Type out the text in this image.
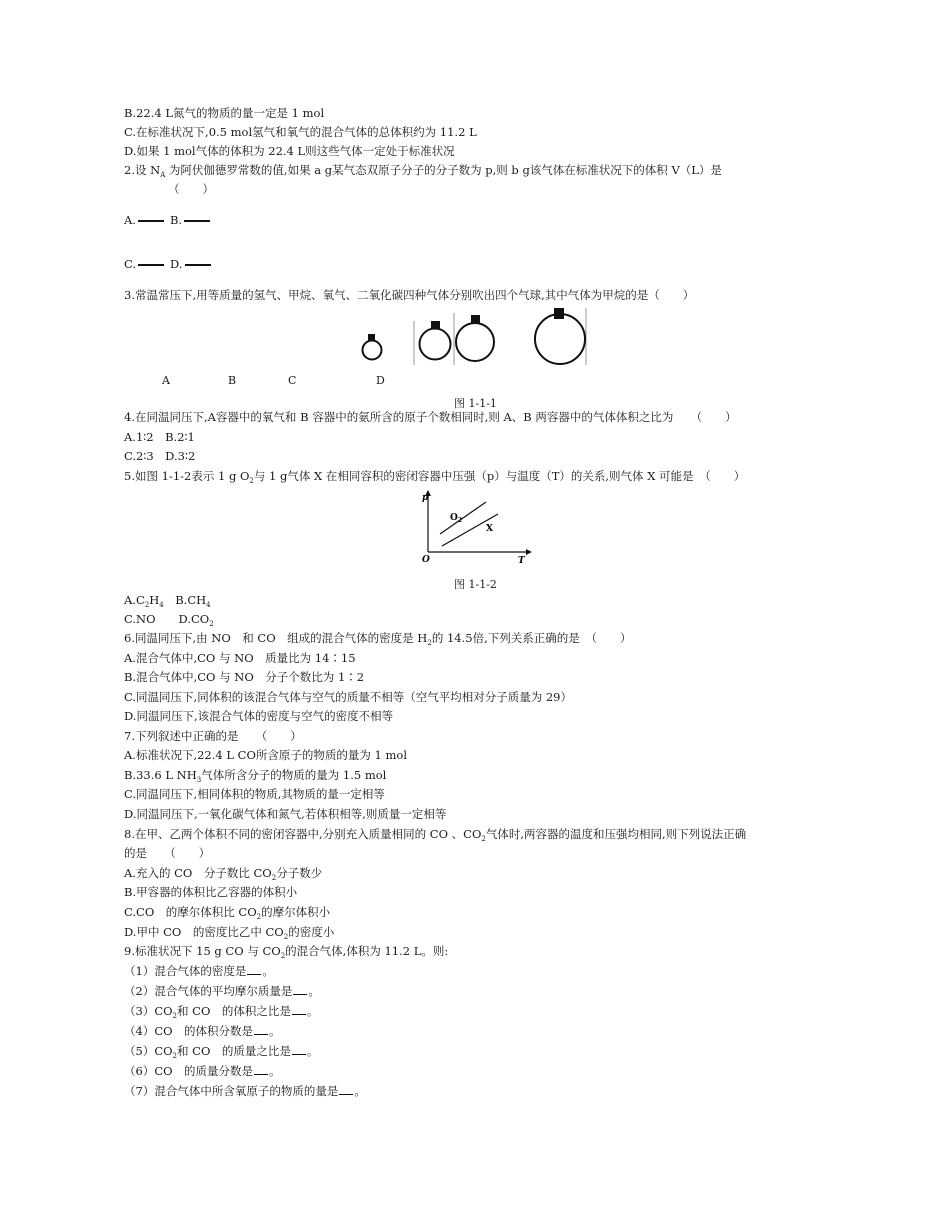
B.22.4 L氮气的物质的量一定是 1 mol
C.在标准状况下,0.5 mol氢气和氧气的混合气体的总体积约为 11.2 L
D.如果 1 mol气体的体积为 22.4 L则这些气体一定处于标准状况
2.设 $N_A$ 为阿伏伽德罗常数的值,如果 a g某气态双原子分子的分子数为 p,则 b g该气体在标准状况下的体积 V（L）是
（　　）
A.	B.
C.	D.
3.常温常压下,用等质量的氢气、甲烷、氧气、二氧化碳四种气体分别吹出四个气球,其中气体为甲烷的是（　　）
A	B	C	D
图 1-1-1
4.在同温同压下,A容器中的氧气和 B 容器中的氨所含的原子个数相同时,则 A、B 两容器中的气体体积之比为　　（　　）
A.1∶2　B.2∶1
C.2∶3　D.3∶2
5.如图 1-1-2表示 1 g $O_2$与 1 g气体 X 在相同容积的密闭容器中压强（p）与温度（T）的关系,则气体 X 可能是　（　　）
p
T
O
$O_2$
X
图 1-1-2
$A.C_2H_4$　$B.CH_4$
C.NO　　$D.CO_2$
6.同温同压下,由 NO　和 CO　组成的混合气体的密度是 $H_2$的 14.5倍,下列关系正确的是　（　　）
A.混合气体中,CO 与 NO　质量比为 14∶15
B.混合气体中,CO 与 NO　分子个数比为 1∶2
C.同温同压下,同体积的该混合气体与空气的质量不相等（空气平均相对分子质量为 29）
D.同温同压下,该混合气体的密度与空气的密度不相等
7.下列叙述中正确的是　　（　　）
A.标准状况下,22.4 L CO所含原子的物质的量为 1 mol
B.33.6 L $NH_3$气体所含分子的物质的量为 1.5 mol
C.同温同压下,相同体积的物质,其物质的量一定相等
D.同温同压下,一氧化碳气体和氮气,若体积相等,则质量一定相等
8.在甲、乙两个体积不同的密闭容器中,分别充入质量相同的 CO 、$CO_2$气体时,两容器的温度和压强均相同,则下列说法正确
的是　　（　　）
A.充入的 CO　分子数比 $CO_2$分子数少
B.甲容器的体积比乙容器的体积小
C.CO　的摩尔体积比 $CO_2$的摩尔体积小
D.甲中 CO　的密度比乙中 $CO_2$的密度小
9.标准状况下 15 g CO 与 $CO_2$的混合气体,体积为 11.2 L。则:
（1）混合气体的密度是 。
（2）混合气体的平均摩尔质量是 。
$(3)CO_2$和 CO　的体积之比是 。
（4）CO　的体积分数是 。
$(5)CO_2$和 CO　的质量之比是 。
（6）CO　的质量分数是 。
（7）混合气体中所含氧原子的物质的量是 。
